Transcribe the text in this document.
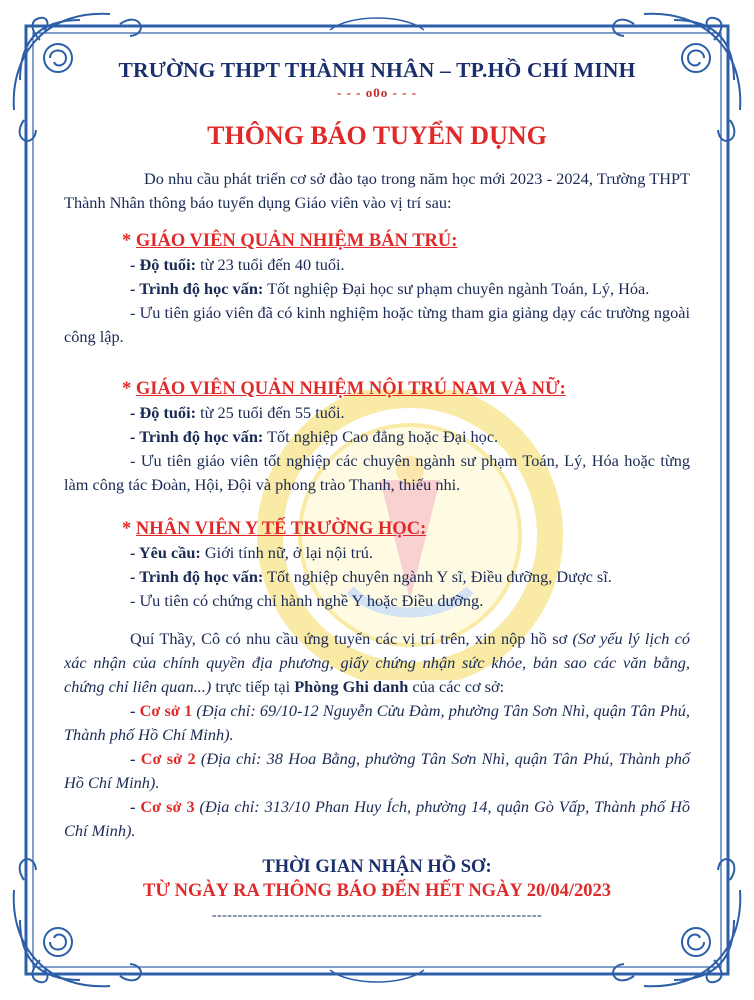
TRƯỜNG THPT THÀNH NHÂN – TP.HỒ CHÍ MINH
- - - o0o - - -
THÔNG BÁO TUYỂN DỤNG

Do nhu cầu phát triển cơ sở đào tạo trong năm học mới 2023 - 2024, Trường THPT Thành Nhân thông báo tuyển dụng Giáo viên vào vị trí sau:

* GIÁO VIÊN QUẢN NHIỆM BÁN TRÚ:

- Độ tuổi: từ 23 tuổi đến 40 tuổi.

- Trình độ học vấn: Tốt nghiệp Đại học sư phạm chuyên ngành Toán, Lý, Hóa.

- Ưu tiên giáo viên đã có kinh nghiệm hoặc từng tham gia giảng dạy các trường ngoài công lập.

* GIÁO VIÊN QUẢN NHIỆM NỘI TRÚ NAM VÀ NỮ:

- Độ tuổi: từ 25 tuổi đến 55 tuổi.

- Trình độ học vấn: Tốt nghiệp Cao đẳng hoặc Đại học.

- Ưu tiên giáo viên tốt nghiệp các chuyên ngành sư phạm Toán, Lý, Hóa hoặc từng làm công tác Đoàn, Hội, Đội và phong trào Thanh, thiếu nhi.

* NHÂN VIÊN Y TẾ TRƯỜNG HỌC:

- Yêu cầu: Giới tính nữ, ở lại nội trú.

- Trình độ học vấn: Tốt nghiệp chuyên ngành Y sĩ, Điều dưỡng, Dược sĩ.

- Ưu tiên có chứng chỉ hành nghề Y hoặc Điều dưỡng.

Quí Thầy, Cô có nhu cầu ứng tuyển các vị trí trên, xin nộp hồ sơ (Sơ yếu lý lịch có xác nhận của chính quyền địa phương, giấy chứng nhận sức khỏe, bản sao các văn bằng, chứng chỉ liên quan...) trực tiếp tại Phòng Ghi danh của các cơ sở:

- Cơ sở 1 (Địa chỉ: 69/10-12 Nguyễn Cửu Đàm, phường Tân Sơn Nhì, quận Tân Phú, Thành phố Hồ Chí Minh).

- Cơ sở 2 (Địa chỉ: 38 Hoa Bằng, phường Tân Sơn Nhì, quận Tân Phú, Thành phố Hồ Chí Minh).

- Cơ sở 3 (Địa chỉ: 313/10 Phan Huy Ích, phường 14, quận Gò Vấp, Thành phố Hồ Chí Minh).

THỜI GIAN NHẬN HỒ SƠ:
TỪ NGÀY RA THÔNG BÁO ĐẾN HẾT NGÀY 20/04/2023
----------------------------------------------------------------
